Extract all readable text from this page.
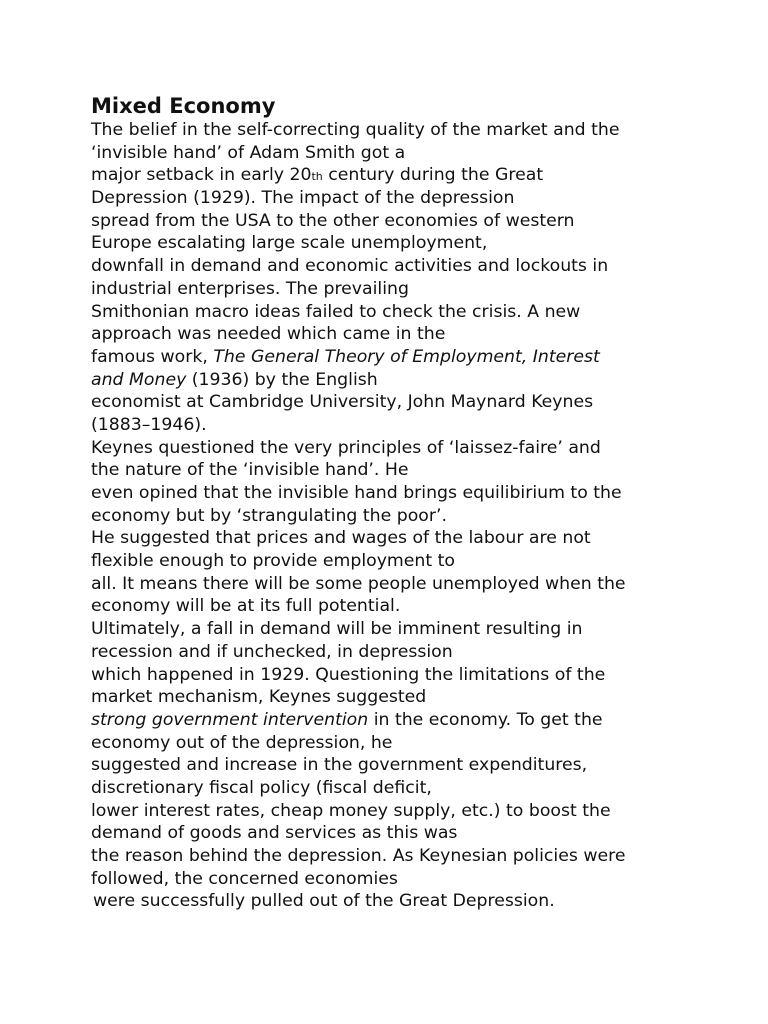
Mixed Economy
The belief in the self-correcting quality of the market and the
‘invisible hand’ of Adam Smith got a
major setback in early 20th century during the Great
Depression (1929). The impact of the depression
spread from the USA to the other economies of western
Europe escalating large scale unemployment,
downfall in demand and economic activities and lockouts in
industrial enterprises. The prevailing
Smithonian macro ideas failed to check the crisis. A new
approach was needed which came in the
famous work, The General Theory of Employment, Interest
and Money (1936) by the English
economist at Cambridge University, John Maynard Keynes
(1883–1946).
Keynes questioned the very principles of ‘laissez-faire’ and
the nature of the ‘invisible hand’. He
even opined that the invisible hand brings equilibirium to the
economy but by ‘strangulating the poor’.
He suggested that prices and wages of the labour are not
flexible enough to provide employment to
all. It means there will be some people unemployed when the
economy will be at its full potential.
Ultimately, a fall in demand will be imminent resulting in
recession and if unchecked, in depression
which happened in 1929. Questioning the limitations of the
market mechanism, Keynes suggested
strong government intervention in the economy. To get the
economy out of the depression, he
suggested and increase in the government expenditures,
discretionary fiscal policy (fiscal deficit,
lower interest rates, cheap money supply, etc.) to boost the
demand of goods and services as this was
the reason behind the depression. As Keynesian policies were
followed, the concerned economies
were successfully pulled out of the Great Depression.
